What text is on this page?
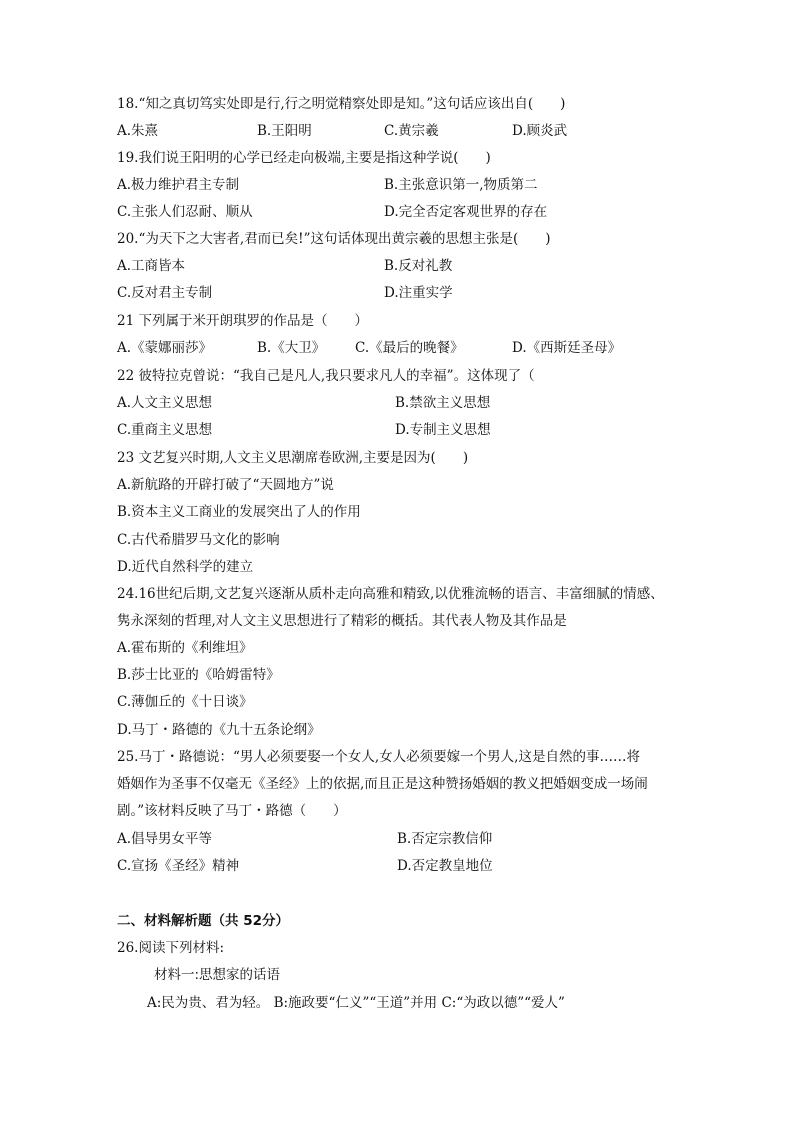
18.“知之真切笃实处即是行,行之明觉精察处即是知。”这句话应该出自(　　)
A.朱熹	B.王阳明	C.黄宗羲	D.顾炎武
19.我们说王阳明的心学已经走向极端,主要是指这种学说(　　)
A.极力维护君主专制	B.主张意识第一,物质第二
C.主张人们忍耐、顺从	D.完全否定客观世界的存在
20.“为天下之大害者,君而已矣!”这句话体现出黄宗羲的思想主张是(　　)
A.工商皆本	B.反对礼教
C.反对君主专制	D.注重实学
21 下列属于米开朗琪罗的作品是（　　）
A.《蒙娜丽莎》	B.《大卫》 C.《最后的晚餐》	D.《西斯廷圣母》
22 彼特拉克曾说：“我自己是凡人,我只要求凡人的幸福”。这体现了（
A.人文主义思想	B.禁欲主义思想
C.重商主义思想	D.专制主义思想
23 文艺复兴时期,人文主义思潮席卷欧洲,主要是因为(　　)
A.新航路的开辟打破了“天圆地方”说
B.资本主义工商业的发展突出了人的作用
C.古代希腊罗马文化的影响
D.近代自然科学的建立
24.16世纪后期,文艺复兴逐渐从质朴走向高雅和精致,以优雅流畅的语言、丰富细腻的情感、
隽永深刻的哲理,对人文主义思想进行了精彩的概括。其代表人物及其作品是
A.霍布斯的《利维坦》
B.莎士比亚的《哈姆雷特》
C.薄伽丘的《十日谈》
D.马丁・路德的《九十五条论纲》
25.马丁・路德说：“男人必须要娶一个女人,女人必须要嫁一个男人,这是自然的事……将
婚姻作为圣事不仅毫无《圣经》上的依据,而且正是这种赞扬婚姻的教义把婚姻变成一场闹
剧。”该材料反映了马丁・路德（　　）
A.倡导男女平等	B.否定宗教信仰
C.宣扬《圣经》精神	D.否定教皇地位
二、材料解析题（共 52分）
26.阅读下列材料:
材料一:思想家的话语
A:民为贵、君为轻。 B:施政要“仁义”“王道”并用 C:“为政以德”“爱人”
